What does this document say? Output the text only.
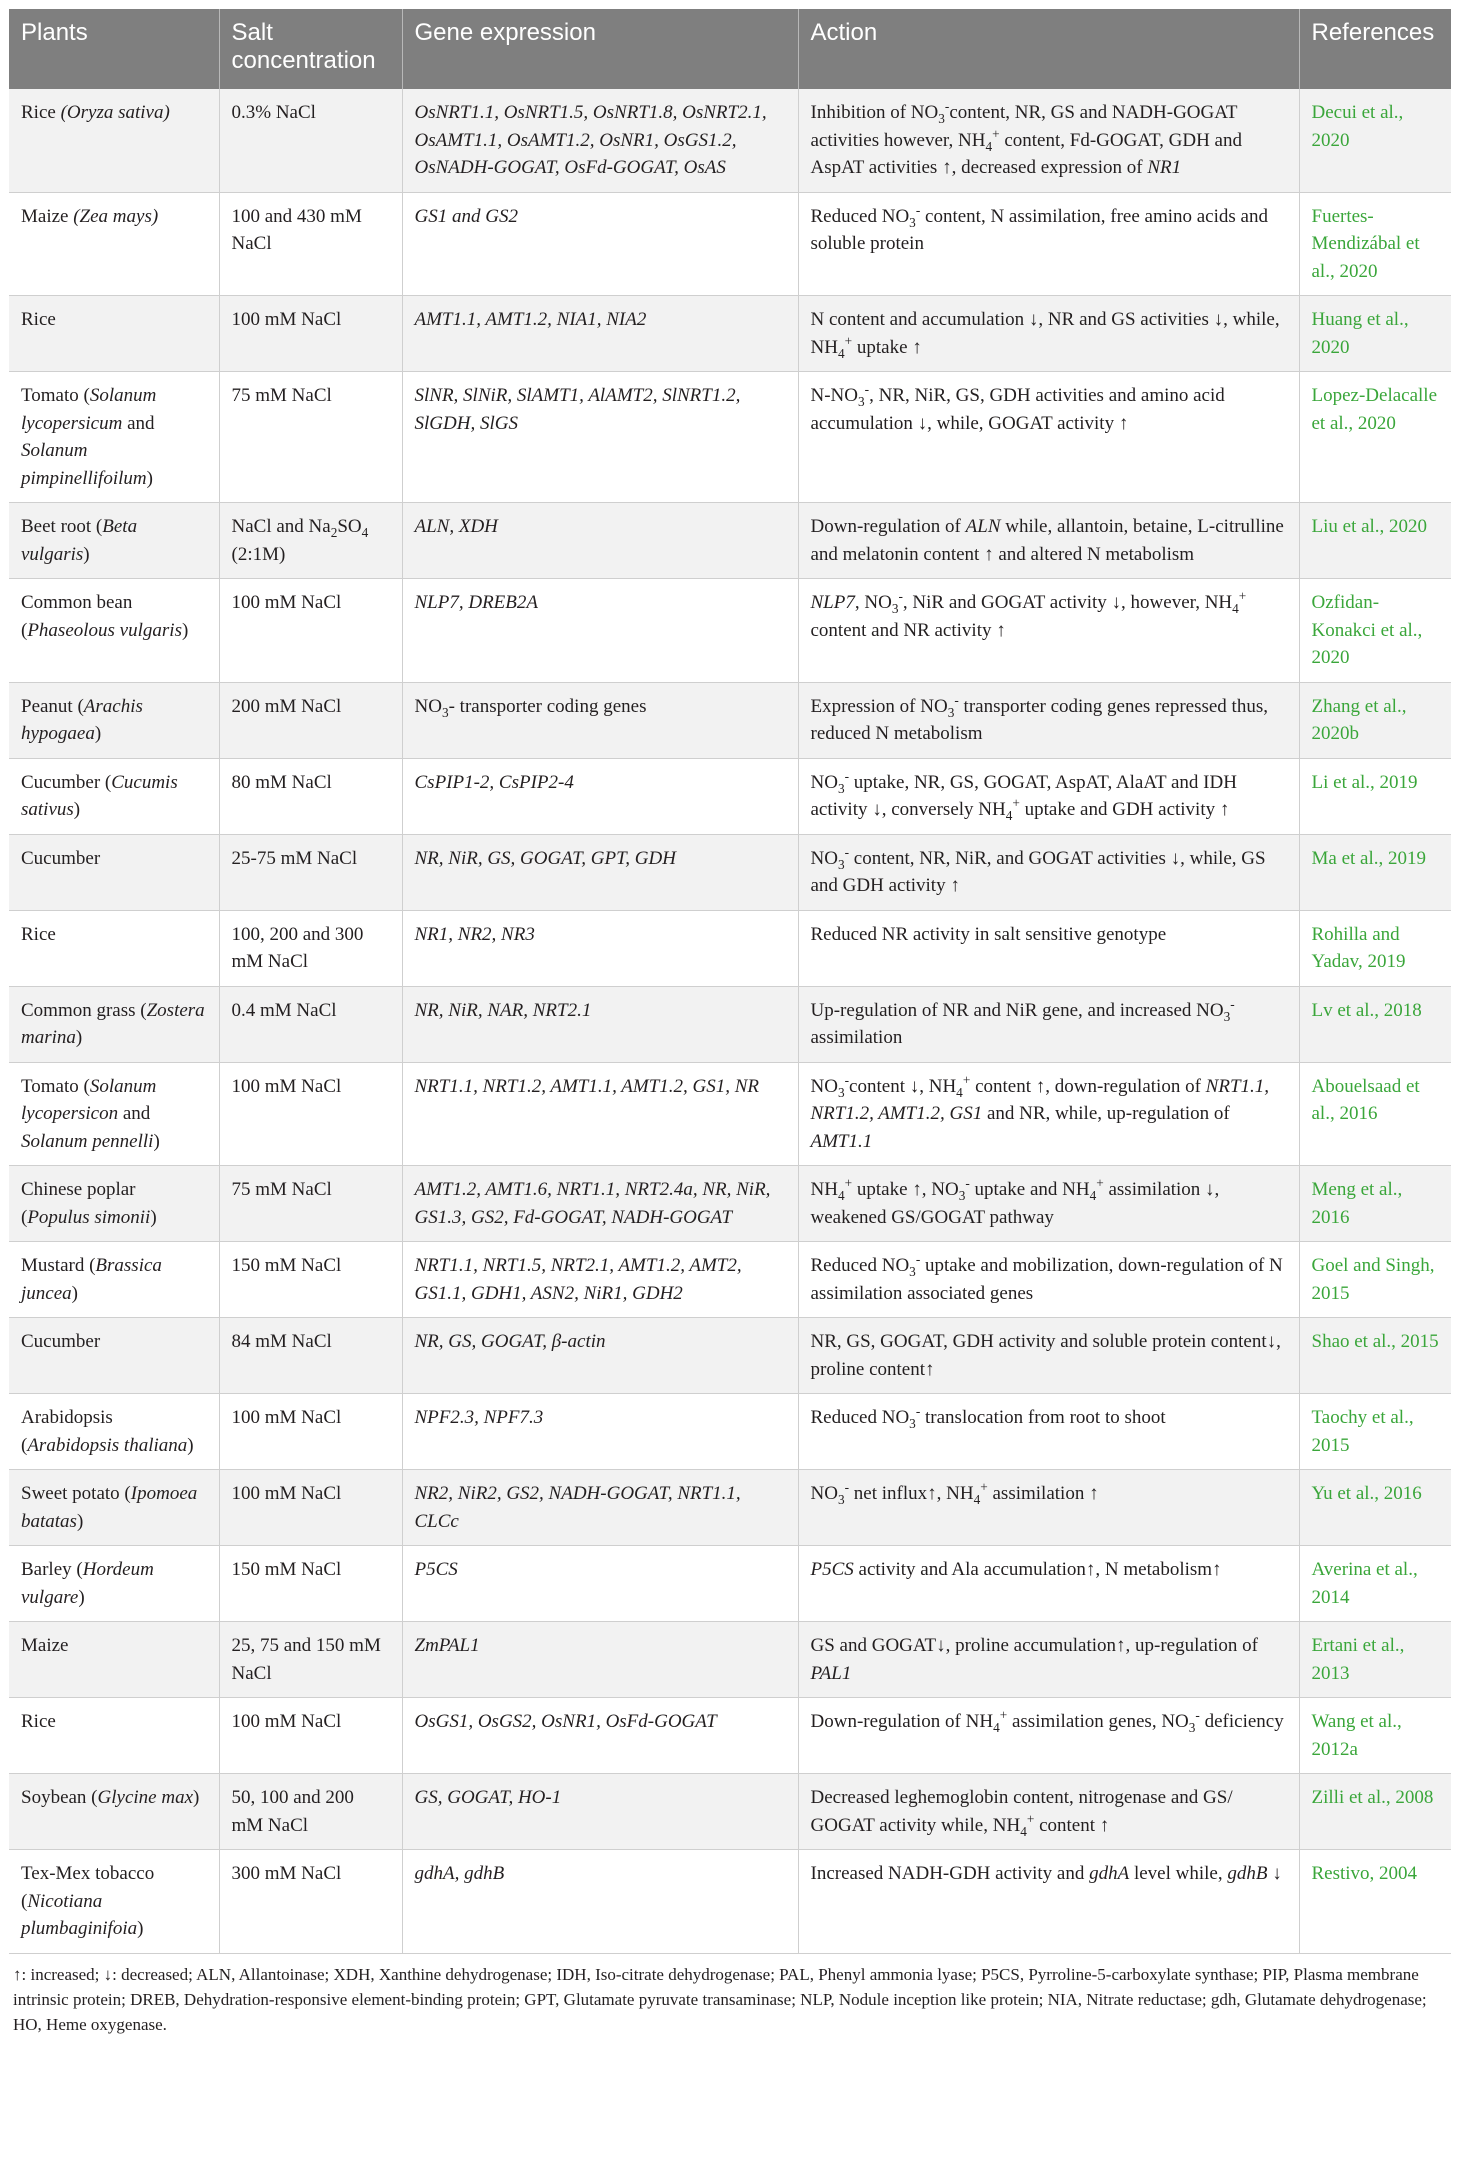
Plants	Salt concentration	Gene expression	Action	References
Rice (Oryza sativa)	0.3% NaCl	OsNRT1.1, OsNRT1.5, OsNRT1.8, OsNRT2.1, OsAMT1.1, OsAMT1.2, OsNR1, OsGS1.2, OsNADH-GOGAT, OsFd-GOGAT, OsAS	Inhibition of $NO_3^-content$, NR, GS and NADH-GOGAT activities however, $NH_4^+$ content, Fd-GOGAT, GDH and AspAT activities ↑, decreased expression of NR1	Decui et al., 2020
Maize (Zea mays)	100 and 430 mM NaCl	GS1 and GS2	Reduced $NO_3^-$ content, N assimilation, free amino acids and soluble protein	Fuertes-Mendizábal et al., 2020
Rice	100 mM NaCl	AMT1.1, AMT1.2, NIA1, NIA2	N content and accumulation ↓, NR and GS activities ↓, while, $NH_4^+$ uptake ↑	Huang et al., 2020
Tomato (Solanum lycopersicum and Solanum pimpinellifoilum)	75 mM NaCl	SlNR, SlNiR, SlAMT1, AlAMT2, SlNRT1.2, SlGDH, SlGS	$N-NO_3^-$, NR, NiR, GS, GDH activities and amino acid accumulation ↓, while, GOGAT activity ↑	Lopez-Delacalle et al., 2020
Beet root (Beta vulgaris)	NaCl and $Na_2SO_4$ (2:1M)	ALN, XDH	Down-regulation of ALN while, allantoin, betaine, L-citrulline and melatonin content ↑ and altered N metabolism	Liu et al., 2020
Common bean (Phaseolous vulgaris)	100 mM NaCl	NLP7, DREB2A	NLP7, $NO_3^-$, NiR and GOGAT activity ↓, however, $NH_4^+$ content and NR activity ↑	Ozfidan-Konakci et al., 2020
Peanut (Arachis hypogaea)	200 mM NaCl	$NO_3-$ transporter coding genes	Expression of $NO_3^-$ transporter coding genes repressed thus, reduced N metabolism	Zhang et al., 2020b
Cucumber (Cucumis sativus)	80 mM NaCl	CsPIP1-2, CsPIP2-4	$NO_3^-$ uptake, NR, GS, GOGAT, AspAT, AlaAT and IDH activity ↓, conversely $NH_4^+$ uptake and GDH activity ↑	Li et al., 2019
Cucumber	25-75 mM NaCl	NR, NiR, GS, GOGAT, GPT, GDH	$NO_3^-$ content, NR, NiR, and GOGAT activities ↓, while, GS and GDH activity ↑	Ma et al., 2019
Rice	100, 200 and 300 mM NaCl	NR1, NR2, NR3	Reduced NR activity in salt sensitive genotype	Rohilla and Yadav, 2019
Common grass (Zostera marina)	0.4 mM NaCl	NR, NiR, NAR, NRT2.1	Up-regulation of NR and NiR gene, and increased $NO_3^-$ assimilation	Lv et al., 2018
Tomato (Solanum lycopersicon and Solanum pennelli)	100 mM NaCl	NRT1.1, NRT1.2, AMT1.1, AMT1.2, GS1, NR	$NO_3^-content$ ↓, $NH_4^+$ content ↑, down-regulation of NRT1.1, NRT1.2, AMT1.2, GS1 and NR, while, up-regulation of AMT1.1	Abouelsaad et al., 2016
Chinese poplar (Populus simonii)	75 mM NaCl	AMT1.2, AMT1.6, NRT1.1, NRT2.4a, NR, NiR, GS1.3, GS2, Fd-GOGAT, NADH-GOGAT	$NH_4^+$ uptake ↑, $NO_3^-$ uptake and $NH_4^+$ assimilation ↓, weakened GS/GOGAT pathway	Meng et al., 2016
Mustard (Brassica juncea)	150 mM NaCl	NRT1.1, NRT1.5, NRT2.1, AMT1.2, AMT2, GS1.1, GDH1, ASN2, NiR1, GDH2	Reduced $NO_3^-$ uptake and mobilization, down-regulation of N assimilation associated genes	Goel and Singh, 2015
Cucumber	84 mM NaCl	NR, GS, GOGAT, β-actin	NR, GS, GOGAT, GDH activity and soluble protein content↓, proline content↑	Shao et al., 2015
Arabidopsis (Arabidopsis thaliana)	100 mM NaCl	NPF2.3, NPF7.3	Reduced $NO_3^-$ translocation from root to shoot	Taochy et al., 2015
Sweet potato (Ipomoea batatas)	100 mM NaCl	NR2, NiR2, GS2, NADH-GOGAT, NRT1.1, CLCc	$NO_3^-$ net influx↑, $NH_4^+$ assimilation ↑	Yu et al., 2016
Barley (Hordeum vulgare)	150 mM NaCl	P5CS	P5CS activity and Ala accumulation↑, N metabolism↑	Averina et al., 2014
Maize	25, 75 and 150 mM NaCl	ZmPAL1	GS and GOGAT↓, proline accumulation↑, up-regulation of PAL1	Ertani et al., 2013
Rice	100 mM NaCl	OsGS1, OsGS2, OsNR1, OsFd-GOGAT	Down-regulation of $NH_4^+$ assimilation genes, $NO_3^-$ deficiency	Wang et al., 2012a
Soybean (Glycine max)	50, 100 and 200 mM NaCl	GS, GOGAT, HO-1	Decreased leghemoglobin content, nitrogenase and GS/ GOGAT activity while, $NH_4^+$ content ↑	Zilli et al., 2008
Tex-Mex tobacco (Nicotiana plumbaginifoia)	300 mM NaCl	gdhA, gdhB	Increased NADH-GDH activity and gdhA level while, gdhB ↓	Restivo, 2004
↑: increased; ↓: decreased; ALN, Allantoinase; XDH, Xanthine dehydrogenase; IDH, Iso-citrate dehydrogenase; PAL, Phenyl ammonia lyase; P5CS, Pyrroline-5-carboxylate synthase; PIP, Plasma membrane intrinsic protein; DREB, Dehydration-responsive element-binding protein; GPT, Glutamate pyruvate transaminase; NLP, Nodule inception like protein; NIA, Nitrate reductase; gdh, Glutamate dehydrogenase; HO, Heme oxygenase.
